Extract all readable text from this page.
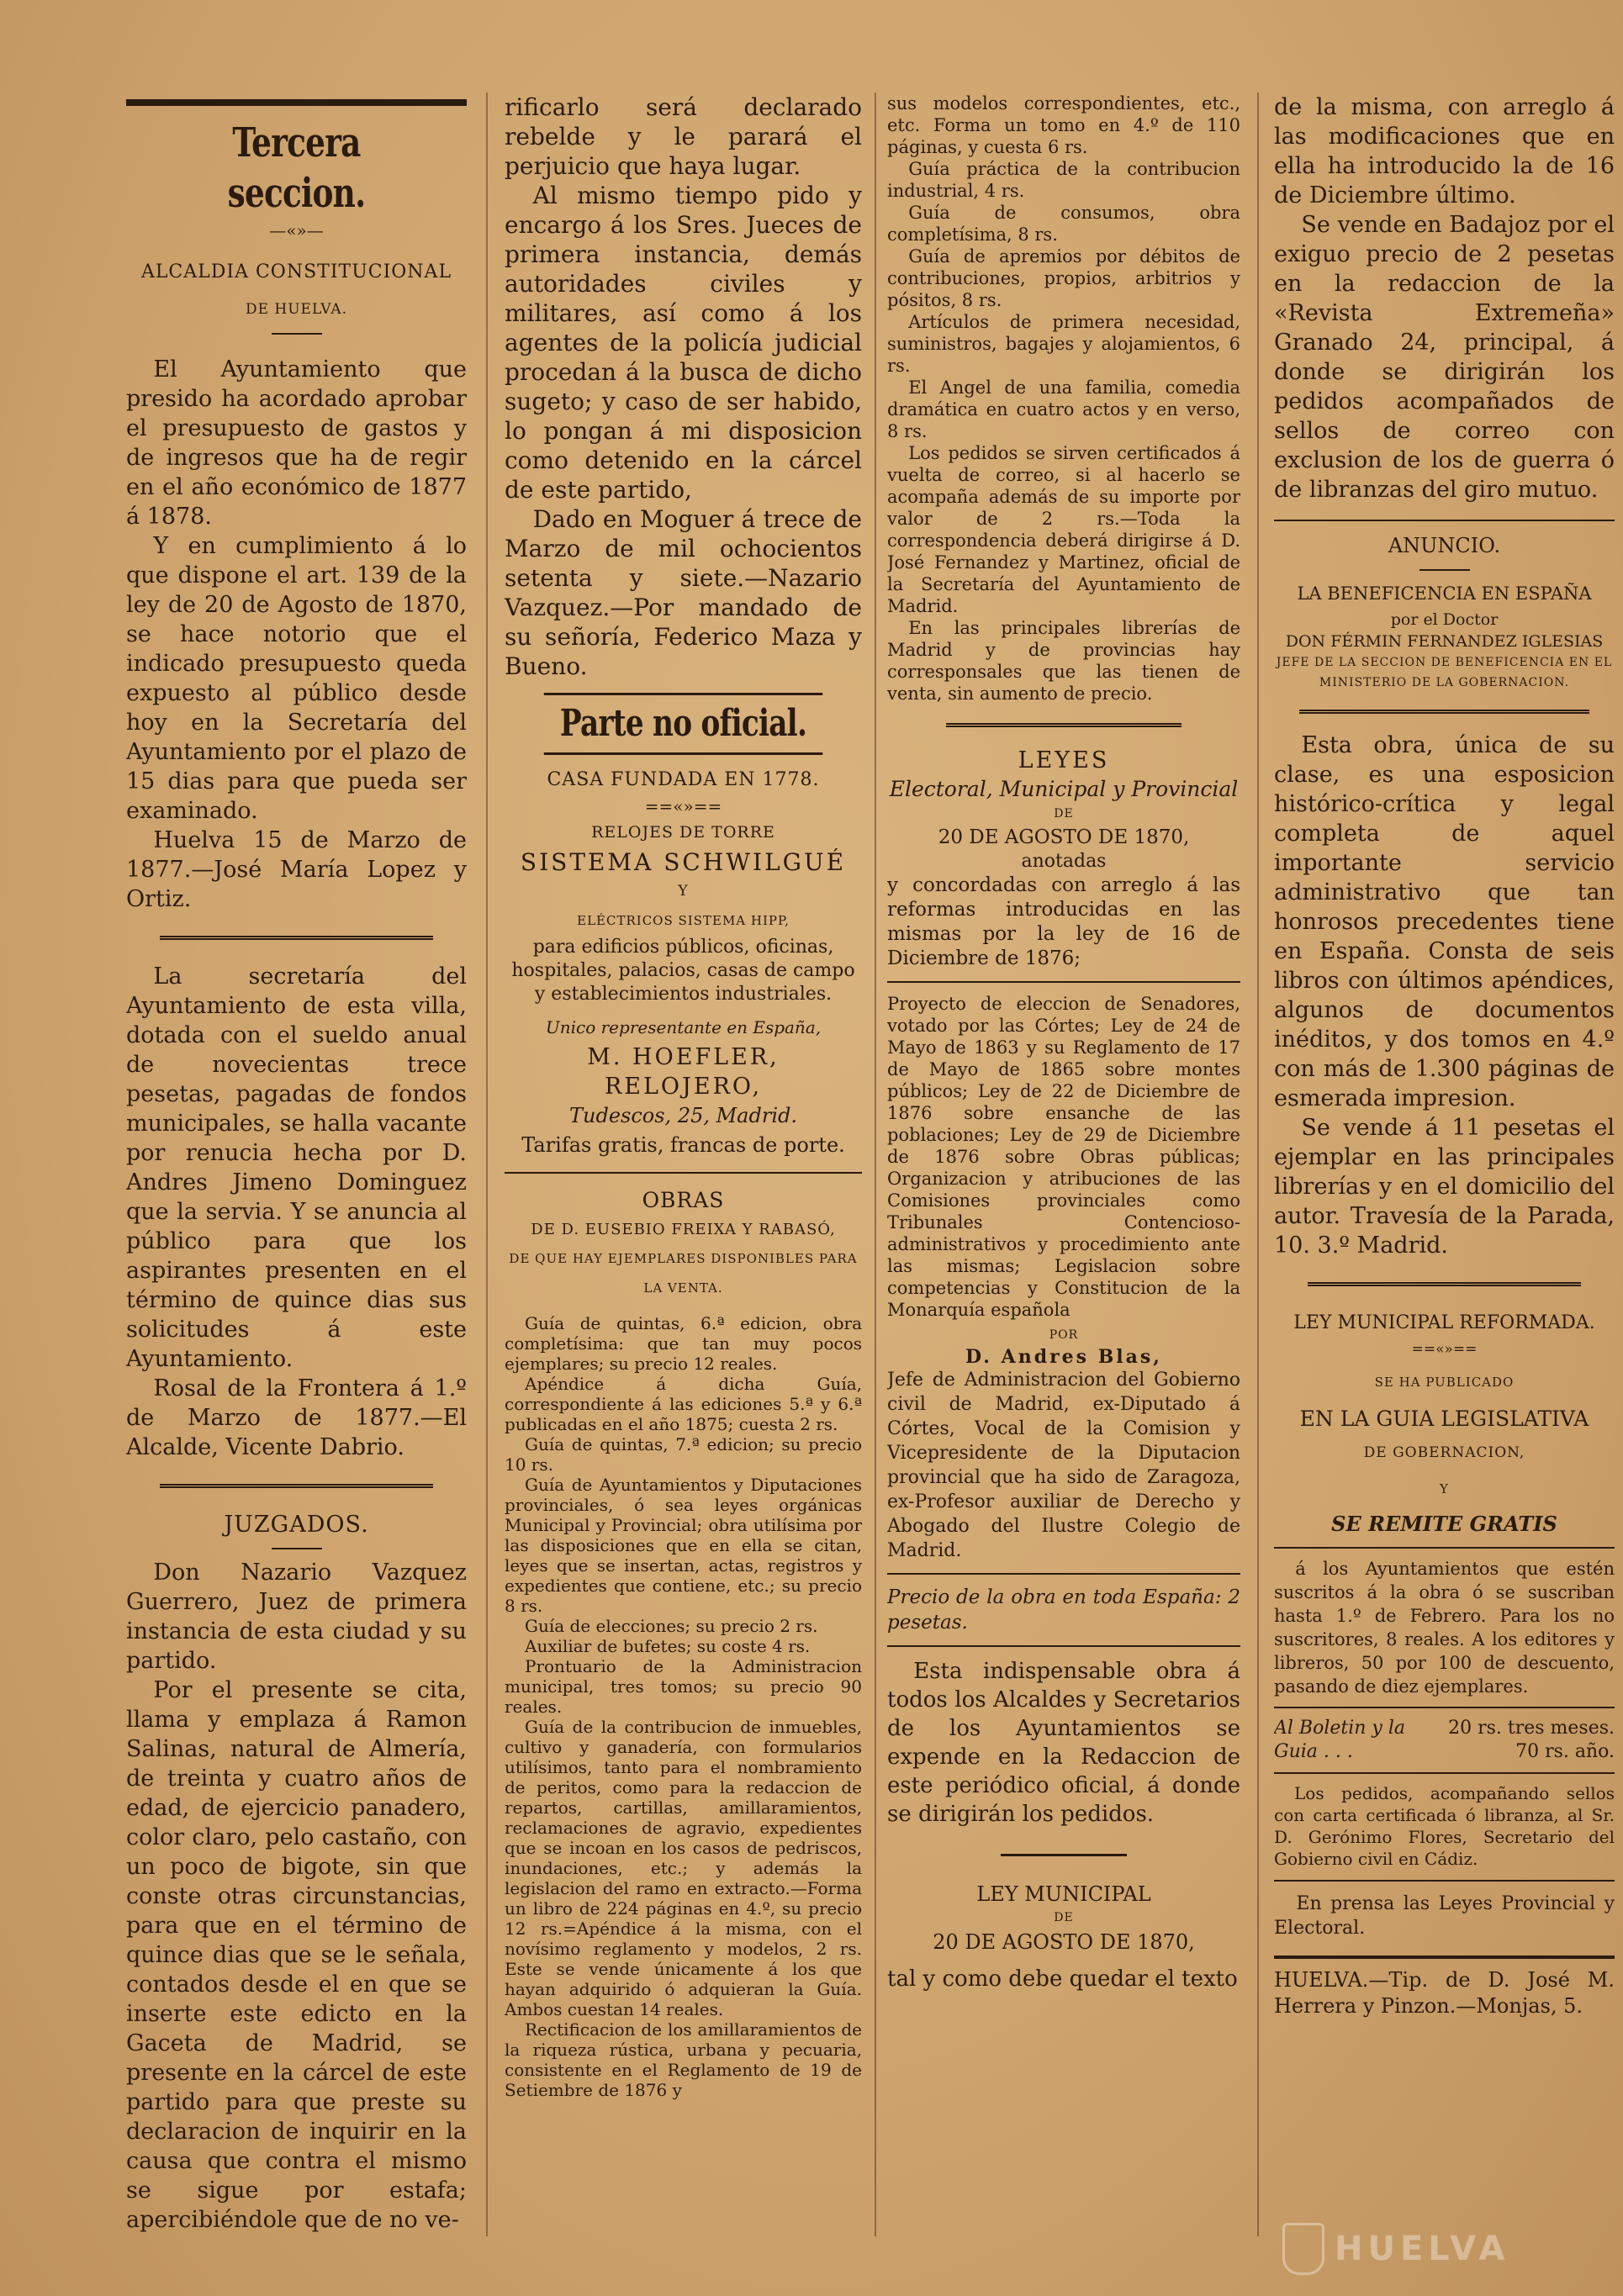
Tercera seccion.
—«»—
ALCALDIA CONSTITUCIONAL
DE HUELVA.

El Ayuntamiento que presido ha acordado aprobar el presupuesto de gastos y de ingresos que ha de regir en el año económico de 1877 á 1878.

Y en cumplimiento á lo que dispone el art. 139 de la ley de 20 de Agosto de 1870, se hace notorio que el indicado presupuesto queda expuesto al público desde hoy en la Secretaría del Ayuntamiento por el plazo de 15 dias para que pueda ser examinado.

Huelva 15 de Marzo de 1877.—José María Lopez y Ortiz.

La secretaría del Ayuntamiento de esta villa, dotada con el sueldo anual de novecientas trece pesetas, pagadas de fondos municipales, se halla vacante por renucia hecha por D. Andres Jimeno Dominguez que la servia. Y se anuncia al público para que los aspirantes presenten en el término de quince dias sus solicitudes á este Ayuntamiento.

Rosal de la Frontera á 1.º de Marzo de 1877.—El Alcalde, Vicente Dabrio.

JUZGADOS.

Don Nazario Vazquez Guerrero, Juez de primera instancia de esta ciudad y su partido.

Por el presente se cita, llama y emplaza á Ramon Salinas, natural de Almería, de treinta y cuatro años de edad, de ejercicio panadero, color claro, pelo castaño, con un poco de bigote, sin que conste otras circunstancias, para que en el término de quince dias que se le señala, contados desde el en que se inserte este edicto en la Gaceta de Madrid, se presente en la cárcel de este partido para que preste su declaracion de inquirir en la causa que contra el mismo se sigue por estafa; apercibiéndole que de no ve-

rificarlo será declarado rebelde y le parará el perjuicio que haya lugar.

Al mismo tiempo pido y encargo á los Sres. Jueces de primera instancia, demás autoridades civiles y militares, así como á los agentes de la policía judicial procedan á la busca de dicho sugeto; y caso de ser habido, lo pongan á mi disposicion como detenido en la cárcel de este partido,

Dado en Moguer á trece de Marzo de mil ochocientos setenta y siete.—Nazario Vazquez.—Por mandado de su señoría, Federico Maza y Bueno.

Parte no oficial.
CASA FUNDADA EN 1778.
==«»==
RELOJES DE TORRE
SISTEMA SCHWILGUÉ
Y
ELÉCTRICOS SISTEMA HIPP,

para edificios públicos, oficinas, hospitales, palacios, casas de campo y establecimientos industriales.

Unico representante en España,
M. HOEFLER, RELOJERO,
Tudescos, 25, Madrid.
Tarifas gratis, francas de porte.
OBRAS
DE D. EUSEBIO FREIXA Y RABASÓ,
DE QUE HAY EJEMPLARES DISPONIBLES PARA LA VENTA.

Guía de quintas, 6.ª edicion, obra completísima: que tan muy pocos ejemplares; su precio 12 reales.

Apéndice á dicha Guía, correspondiente á las ediciones 5.ª y 6.ª publicadas en el año 1875; cuesta 2 rs.

Guía de quintas, 7.ª edicion; su precio 10 rs.

Guía de Ayuntamientos y Diputaciones provinciales, ó sea leyes orgánicas Municipal y Provincial; obra utilísima por las disposiciones que en ella se citan, leyes que se insertan, actas, registros y expedientes que contiene, etc.; su precio 8 rs.

Guía de elecciones; su precio 2 rs.

Auxiliar de bufetes; su coste 4 rs.

Prontuario de la Administracion municipal, tres tomos; su precio 90 reales.

Guía de la contribucion de inmuebles, cultivo y ganadería, con formularios utilísimos, tanto para el nombramiento de peritos, como para la redaccion de repartos, cartillas, amillaramientos, reclamaciones de agravio, expedientes que se incoan en los casos de pedriscos, inundaciones, etc.; y además la legislacion del ramo en extracto.—Forma un libro de 224 páginas en 4.º, su precio 12 rs.=Apéndice á la misma, con el novísimo reglamento y modelos, 2 rs. Este se vende únicamente á los que hayan adquirido ó adquieran la Guía. Ambos cuestan 14 reales.

Rectificacion de los amillaramientos de la riqueza rústica, urbana y pecuaria, consistente en el Reglamento de 19 de Setiembre de 1876 y

sus modelos correspondientes, etc., etc. Forma un tomo en 4.º de 110 páginas, y cuesta 6 rs.

Guía práctica de la contribucion industrial, 4 rs.

Guía de consumos, obra completísima, 8 rs.

Guía de apremios por débitos de contribuciones, propios, arbitrios y pósitos, 8 rs.

Artículos de primera necesidad, suministros, bagajes y alojamientos, 6 rs.

El Angel de una familia, comedia dramática en cuatro actos y en verso, 8 rs.

Los pedidos se sirven certificados á vuelta de correo, si al hacerlo se acompaña además de su importe por valor de 2 rs.—Toda la correspondencia deberá dirigirse á D. José Fernandez y Martinez, oficial de la Secretaría del Ayuntamiento de Madrid.

En las principales librerías de Madrid y de provincias hay corresponsales que las tienen de venta, sin aumento de precio.

LEYES
Electoral, Municipal y Provincial
DE
20 DE AGOSTO DE 1870,
anotadas

y concordadas con arreglo á las reformas introducidas en las mismas por la ley de 16 de Diciembre de 1876;

Proyecto de eleccion de Senadores, votado por las Córtes; Ley de 24 de Mayo de 1863 y su Reglamento de 17 de Mayo de 1865 sobre montes públicos; Ley de 22 de Diciembre de 1876 sobre ensanche de las poblaciones; Ley de 29 de Diciembre de 1876 sobre Obras públicas; Organizacion y atribuciones de las Comisiones provinciales como Tribunales Contencioso-administrativos y procedimiento ante las mismas; Legislacion sobre competencias y Constitucion de la Monarquía española

POR
D. Andres Blas,

Jefe de Administracion del Gobierno civil de Madrid, ex-Diputado á Córtes, Vocal de la Comision y Vicepresidente de la Diputacion provincial que ha sido de Zaragoza, ex-Profesor auxiliar de Derecho y Abogado del Ilustre Colegio de Madrid.

Precio de la obra en toda España: 2 pesetas.

Esta indispensable obra á todos los Alcaldes y Secretarios de los Ayuntamientos se expende en la Redaccion de este periódico oficial, á donde se dirigirán los pedidos.

LEY MUNICIPAL
DE
20 DE AGOSTO DE 1870,

tal y como debe quedar el texto

de la misma, con arreglo á las modificaciones que en ella ha introducido la de 16 de Diciembre último.

Se vende en Badajoz por el exiguo precio de 2 pesetas en la redaccion de la «Revista Extremeña» Granado 24, principal, á donde se dirigirán los pedidos acompañados de sellos de correo con exclusion de los de guerra ó de libranzas del giro mutuo.

ANUNCIO.
LA BENEFICENCIA EN ESPAÑA
por el Doctor
DON FÉRMIN FERNANDEZ IGLESIAS

JEFE DE LA SECCION DE BENEFICENCIA EN EL MINISTERIO DE LA GOBERNACION.

Esta obra, única de su clase, es una esposicion histórico-crítica y legal completa de aquel importante servicio administrativo que tan honrosos precedentes tiene en España. Consta de seis libros con últimos apéndices, algunos de documentos inéditos, y dos tomos en 4.º con más de 1.300 páginas de esmerada impresion.

Se vende á 11 pesetas el ejemplar en las principales librerías y en el domicilio del autor. Travesía de la Parada, 10. 3.º Madrid.

LEY MUNICIPAL REFORMADA.
==«»==
SE HA PUBLICADO
EN LA GUIA LEGISLATIVA
DE GOBERNACION,
Y
SE REMITE GRATIS

á los Ayuntamientos que estén suscritos á la obra ó se suscriban hasta 1.º de Febrero. Para los no suscritores, 8 reales. A los editores y libreros, 50 por 100 de descuento, pasando de diez ejemplares.

Al Boletin y la 20 rs. tres meses.
Guia . . .	70 rs. año.

Los pedidos, acompañando sellos con carta certificada ó libranza, al Sr. D. Gerónimo Flores, Secretario del Gobierno civil en Cádiz.

En prensa las Leyes Provincial y Electoral.

HUELVA.—Tip. de D. José M. Herrera y Pinzon.—Monjas, 5.

HUELVA
